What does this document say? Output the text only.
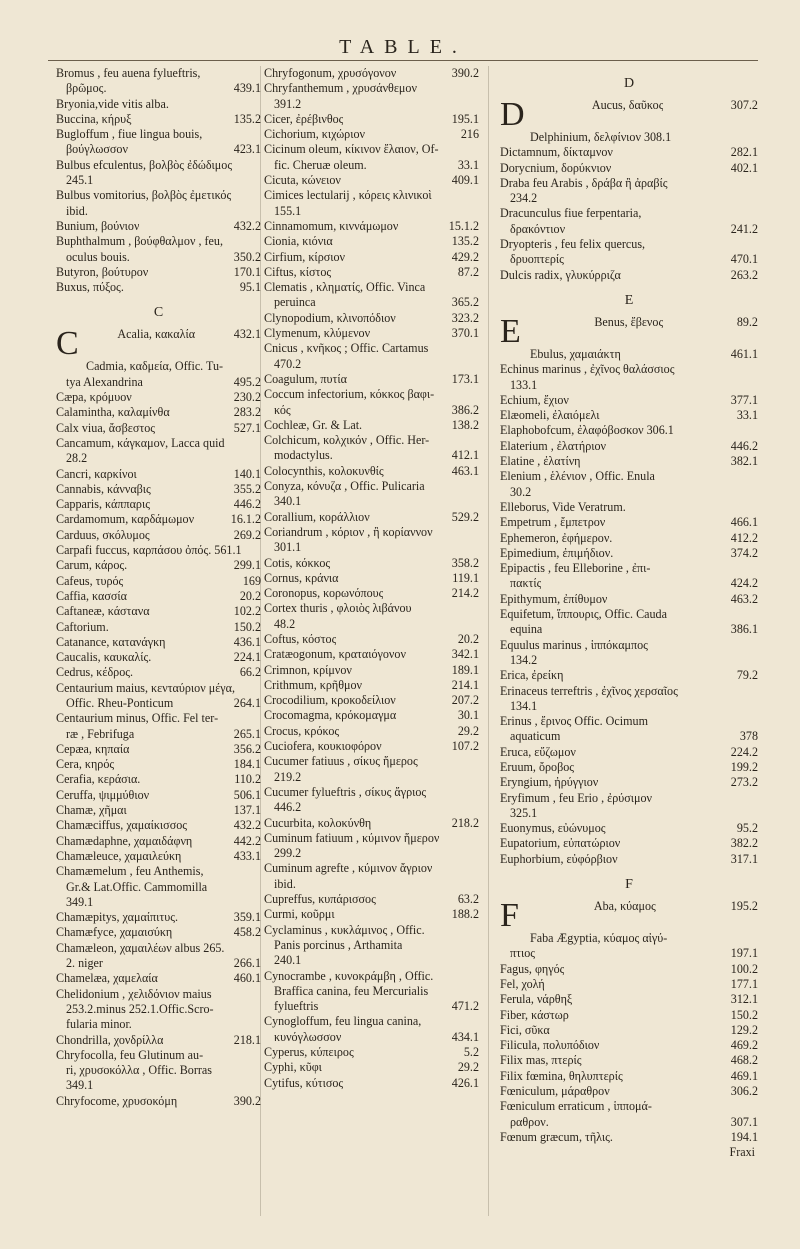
TABLE.
Bromus , feu auena fylueftris,
βρῶμος.	439.1
Bryonia,vide vitis alba.
Buccina, κήρυξ	135.2
Bugloffum , fiue lingua bouis,
βούγλωσσον	423.1
Bulbus efculentus, βολβὸς ἐδώδιμος
245.1
Bulbus vomitorius, βολβὸς ἐμετικός
ibid.
Bunium, βούνιον	432.2
Buphthalmum , βούφθαλμον , feu,
oculus bouis.	350.2
Butyron, βούτυρον	170.1
Buxus, πύξος.	95.1
C
C	Acalia, κακαλία	432.1
Cadmia, καδμεία, Offic. Tu-
tya Alexandrina	495.2
Cæpa, κρόμυον	230.2
Calamintha, καλαμίνθα	283.2
Calx viua, ἄσβεστος	527.1
Cancamum, κάγκαμον, Lacca quid
28.2
Cancri, καρκίνοι	140.1
Cannabis, κάνναβις	355.2
Capparis, κάππαρις	446.2
Cardamomum, καρδάμωμον	16.1.2
Carduus, σκόλυμος	269.2
Carpafi fuccus, καρπάσου ὀπός. 561.1
Carum, κάρος.	299.1
Cafeus, τυρός	169
Caffia, κασσία	20.2
Caftaneæ, κάστανα	102.2
Caftorium.	150.2
Catanance, κατανάγκη	436.1
Caucalis, καυκαλίς.	224.1
Cedrus, κέδρος.	66.2
Centaurium maius, κενταύριον μέγα,
Offic. Rheu-Ponticum	264.1
Centaurium minus, Offic. Fel ter-
ræ , Febrifuga	265.1
Cepæa, κηπαία	356.2
Cera, κηρός	184.1
Cerafia, κεράσια.	110.2
Ceruffa, ψιμμύθιον	506.1
Chamæ, χῆμαι	137.1
Chamæciffus, χαμαίκισσος	432.2
Chamædaphne, χαμαιδάφνη	442.2
Chamæleuce, χαμαιλεύκη	433.1
Chamæmelum , feu Anthemis,
Gr.& Lat.Offic. Cammomilla
349.1
Chamæpitys, χαμαίπιτυς.	359.1
Chamæfyce, χαμαισύκη	458.2
Chamæleon, χαμαιλέων albus 265.
2. niger	266.1
Chamelæa, χαμελαία	460.1
Chelidonium , χελιδόνιον maius
253.2.minus 252.1.Offic.Scro-
fularia minor.
Chondrilla, χονδρίλλα	218.1
Chryfocolla, feu Glutinum au-
ri, χρυσοκόλλα , Offic. Borras
349.1
Chryfocome, χρυσοκόμη	390.2
Chryfogonum, χρυσόγονον	390.2
Chryfanthemum , χρυσάνθεμον
391.2
Cicer, ἐρέβινθος	195.1
Cichorium, κιχώριον	216
Cicinum oleum, κίκινον ἔλαιον, Of-
fic. Cheruæ oleum.	33.1
Cicuta, κώνειον	409.1
Cimices lectularij , κόρεις κλινικοὶ
155.1
Cinnamomum, κιννάμωμον	15.1.2
Cionia, κιόνια	135.2
Cirfium, κίρσιον	429.2
Ciftus, κίστος	87.2
Clematis , κληματίς, Offic. Vinca
peruinca	365.2
Clynopodium, κλινοπόδιον	323.2
Clymenum, κλύμενον	370.1
Cnicus , κνῆκος ; Offic. Cartamus
470.2
Coagulum, πυτία	173.1
Coccum infectorium, κόκκος βαφι-
κός	386.2
Cochleæ, Gr. & Lat.	138.2
Colchicum, κολχικόν , Offic. Her-
modactylus.	412.1
Colocynthis, κολοκυνθίς	463.1
Conyza, κόνυζα , Offic. Pulicaria
340.1
Corallium, κοράλλιον	529.2
Coriandrum , κόριον , ἢ κορίαννον
301.1
Cotis, κόκκος	358.2
Cornus, κράνια	119.1
Coronopus, κορωνόπους	214.2
Cortex thuris , φλοιὸς λιβάνου
48.2
Coftus, κόστος	20.2
Cratæogonum, κραταιόγονον	342.1
Crimnon, κρίμνον	189.1
Crithmum, κρῆθμον	214.1
Crocodilium, κροκοδείλιον	207.2
Crocomagma, κρόκομαγμα	30.1
Crocus, κρόκος	29.2
Cuciofera, κουκιοφόρον	107.2
Cucumer fatiuus , σίκυς ἥμερος
219.2
Cucumer fylueftris , σίκυς ἄγριος
446.2
Cucurbita, κολοκύνθη	218.2
Cuminum fatiuum , κύμινον ἥμερον
299.2
Cuminum agrefte , κύμινον ἄγριον
ibid.
Cupreffus, κυπάρισσος	63.2
Curmi, κοῦρμι	188.2
Cyclaminus , κυκλάμινος , Offic.
Panis porcinus , Arthamita
240.1
Cynocrambe , κυνοκράμβη , Offic.
Braffica canina, feu Mercurialis
fylueftris	471.2
Cynogloffum, feu lingua canina,
κυνόγλωσσον	434.1
Cyperus, κύπειρος	5.2
Cyphi, κῦφι	29.2
Cytifus, κύτισος	426.1
D
D	Aucus, δαῦκος	307.2
Delphinium, δελφίνιον 308.1
Dictamnum, δίκταμνον	282.1
Dorycnium, δορύκνιον	402.1
Draba feu Arabis , δράβα ἢ ἀραβίς
234.2
Dracunculus fiue ferpentaria,
δρακόντιον	241.2
Dryopteris , feu felix quercus,
δρυοπτερίς	470.1
Dulcis radix, γλυκύρριζα	263.2
E
E	Benus, ἔβενος	89.2
Ebulus, χαμαιάκτη	461.1
Echinus marinus , ἐχῖνος θαλάσσιος
133.1
Echium, ἔχιον	377.1
Elæomeli, ἐλαιόμελι	33.1
Elaphobofcum, ἐλαφόβοσκον 306.1
Elaterium , ἐλατήριον	446.2
Elatine , ἐλατίνη	382.1
Elenium , ἑλένιον , Offic. Enula
30.2
Elleborus, Vide Veratrum.
Empetrum , ἔμπετρον	466.1
Ephemeron, ἐφήμερον.	412.2
Epimedium, ἐπιμήδιον.	374.2
Epipactis , feu Elleborine , ἐπι-
πακτίς	424.2
Epithymum, ἐπίθυμον	463.2
Equifetum, ἵππουρις, Offic. Cauda
equina	386.1
Equulus marinus , ἱππόκαμπος
134.2
Erica, ἐρείκη	79.2
Erinaceus terreftris , ἐχῖνος χερσαῖος
134.1
Erinus , ἔρινος Offic. Ocimum
aquaticum	378
Eruca, εὔζωμον	224.2
Eruum, ὄροβος	199.2
Eryngium, ἠρύγγιον	273.2
Eryfimum , feu Erio , ἐρύσιμον
325.1
Euonymus, εὐώνυμος	95.2
Eupatorium, εὐπατώριον	382.2
Euphorbium, εὐφόρβιον	317.1
F
F	Aba, κύαμος	195.2
Faba Ægyptia, κύαμος αἰγύ-
πτιος	197.1
Fagus, φηγός	100.2
Fel, χολή	177.1
Ferula, νάρθηξ	312.1
Fiber, κάστωρ	150.2
Fici, σῦκα	129.2
Filicula, πολυπόδιον	469.2
Filix mas, πτερίς	468.2
Filix fœmina, θηλυπτερίς	469.1
Fœniculum, μάραθρον	306.2
Fœniculum erraticum , ἱππομά-
ραθρον.	307.1
Fœnum græcum, τῆλις.	194.1
Fraxi
